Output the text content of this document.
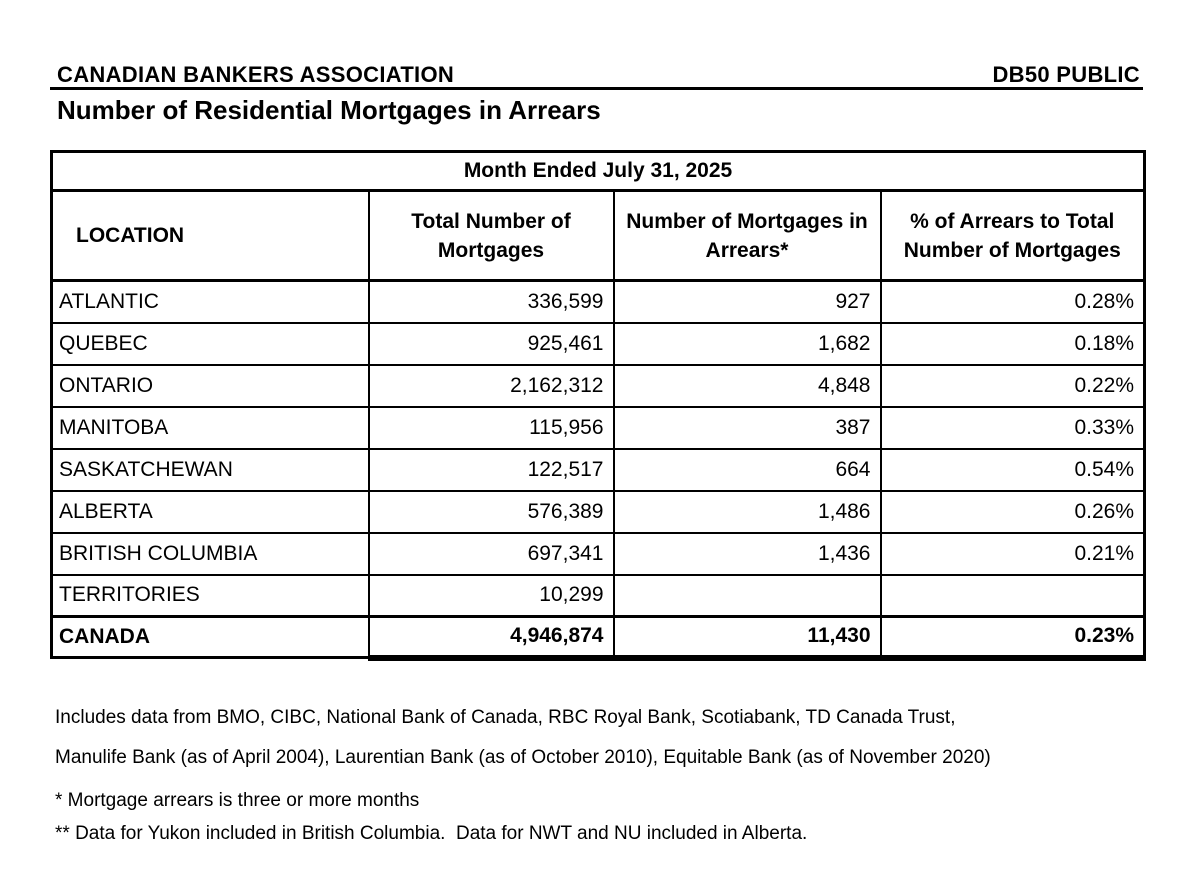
CANADIAN BANKERS ASSOCIATION	DB50 PUBLIC
Number of Residential Mortgages in Arrears
Month Ended July 31, 2025			
LOCATION	Total Number of Mortgages	Number of Mortgages in Arrears*	% of Arrears to Total Number of Mortgages

ATLANTIC	336,599	927	0.28%
QUEBEC	925,461	1,682	0.18%
ONTARIO	2,162,312	4,848	0.22%
MANITOBA	115,956	387	0.33%
SASKATCHEWAN	122,517	664	0.54%
ALBERTA	576,389	1,486	0.26%
BRITISH COLUMBIA	697,341	1,436	0.21%
TERRITORIES	10,299		
CANADA	4,946,874	11,430	0.23%
Includes data from BMO, CIBC, National Bank of Canada, RBC Royal Bank, Scotiabank, TD Canada Trust,
Manulife Bank (as of April 2004), Laurentian Bank (as of October 2010), Equitable Bank (as of November 2020)
* Mortgage arrears is three or more months
** Data for Yukon included in British Columbia.  Data for NWT and NU included in Alberta.
